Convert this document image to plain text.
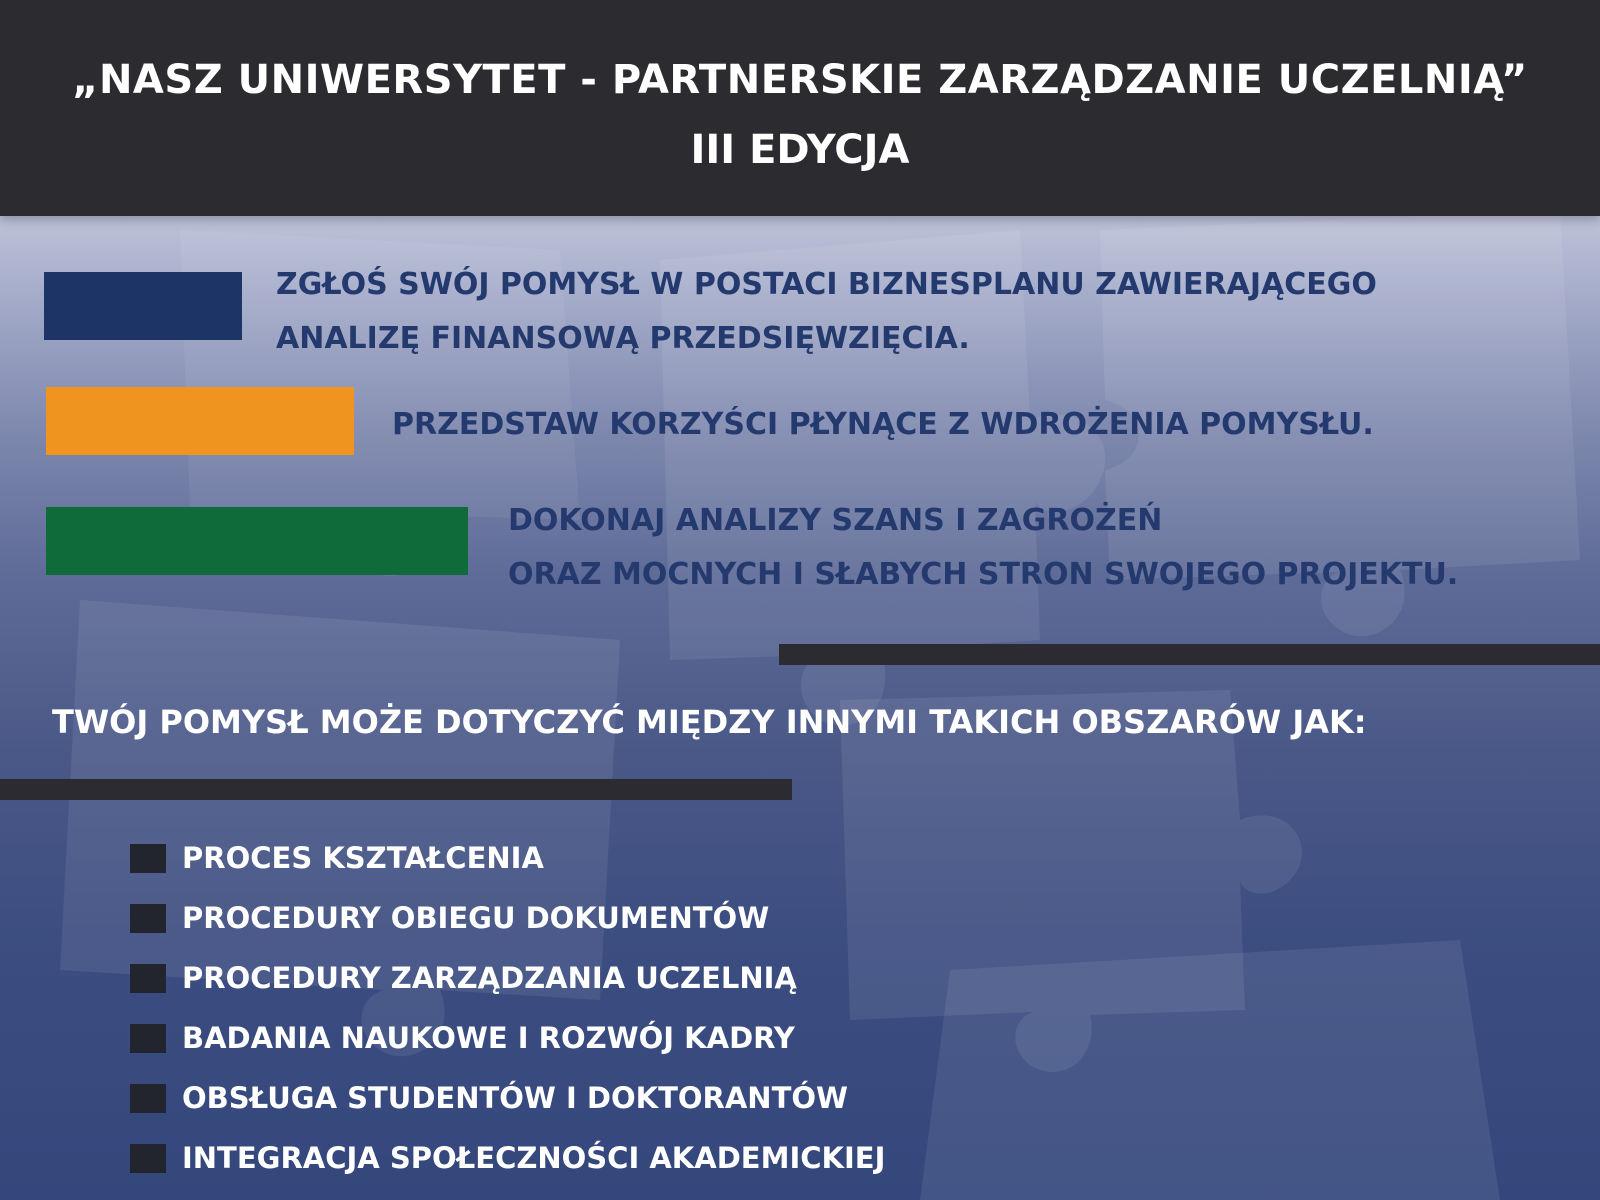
„NASZ UNIWERSYTET - PARTNERSKIE ZARZĄDZANIE UCZELNIĄ”
III EDYCJA
ZGŁOŚ SWÓJ POMYSŁ W POSTACI BIZNESPLANU ZAWIERAJĄCEGO
ANALIZĘ FINANSOWĄ PRZEDSIĘWZIĘCIA.
PRZEDSTAW KORZYŚCI PŁYNĄCE Z WDROŻENIA POMYSŁU.
DOKONAJ ANALIZY SZANS I ZAGROŻEŃ
ORAZ MOCNYCH I SŁABYCH STRON SWOJEGO PROJEKTU.
TWÓJ POMYSŁ MOŻE DOTYCZYĆ MIĘDZY INNYMI TAKICH OBSZARÓW JAK:
PROCES KSZTAŁCENIA
PROCEDURY OBIEGU DOKUMENTÓW
PROCEDURY ZARZĄDZANIA UCZELNIĄ
BADANIA NAUKOWE I ROZWÓJ KADRY
OBSŁUGA STUDENTÓW I DOKTORANTÓW
INTEGRACJA SPOŁECZNOŚCI AKADEMICKIEJ
